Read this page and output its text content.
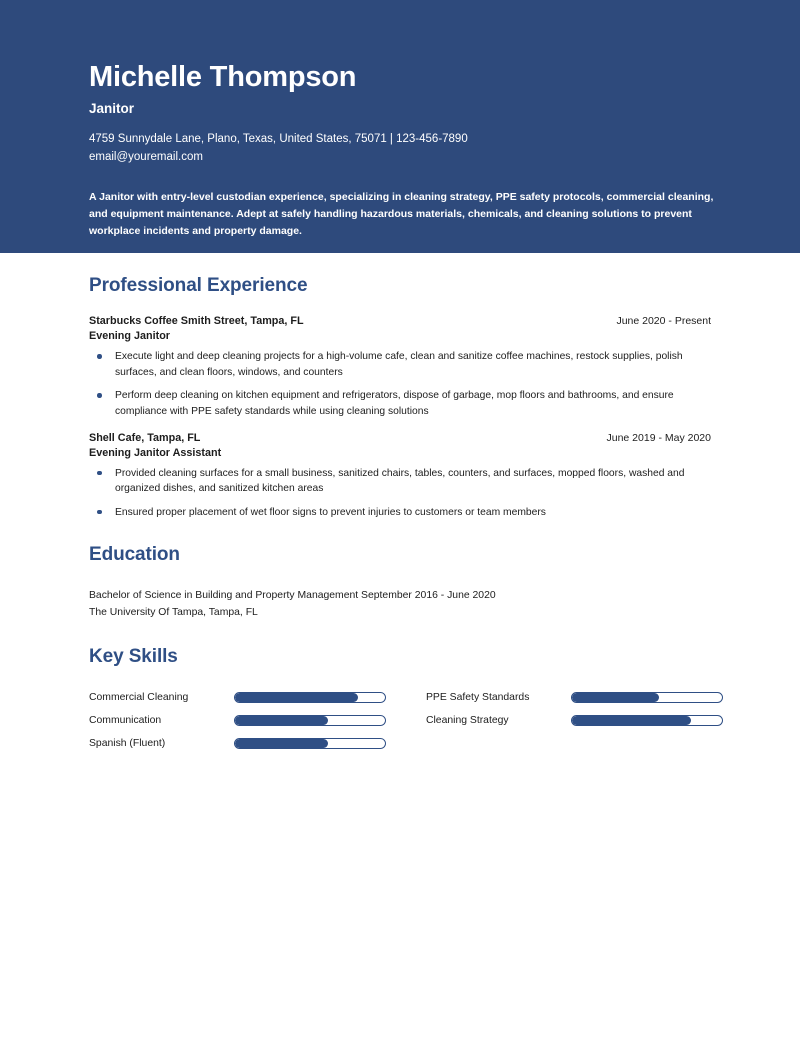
Michelle Thompson
Janitor
4759 Sunnydale Lane, Plano, Texas, United States, 75071 | 123-456-7890
email@youremail.com
A Janitor with entry-level custodian experience, specializing in cleaning strategy, PPE safety protocols, commercial cleaning, and equipment maintenance. Adept at safely handling hazardous materials, chemicals, and cleaning solutions to prevent workplace incidents and property damage.
Professional Experience
Starbucks Coffee Smith Street, Tampa, FL	June 2020 - Present
Evening Janitor
Execute light and deep cleaning projects for a high-volume cafe, clean and sanitize coffee machines, restock supplies, polish surfaces, and clean floors, windows, and counters
Perform deep cleaning on kitchen equipment and refrigerators, dispose of garbage, mop floors and bathrooms, and ensure compliance with PPE safety standards while using cleaning solutions
Shell Cafe, Tampa, FL	June 2019 - May 2020
Evening Janitor Assistant
Provided cleaning surfaces for a small business, sanitized chairs, tables, counters, and surfaces, mopped floors, washed and organized dishes, and sanitized kitchen areas
Ensured proper placement of wet floor signs to prevent injuries to customers or team members
Education
Bachelor of Science in Building and Property Management September 2016 - June 2020
The University Of Tampa, Tampa, FL
Key Skills
Commercial Cleaning
Communication
Spanish (Fluent)
PPE Safety Standards
Cleaning Strategy
